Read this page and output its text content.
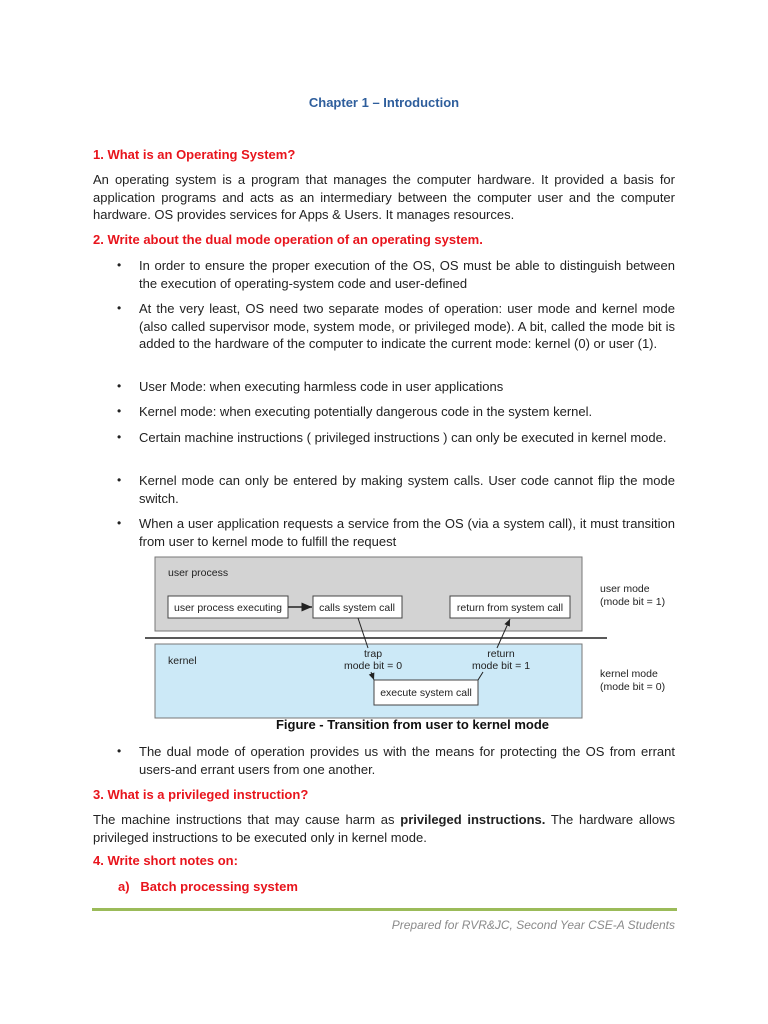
Chapter 1 – Introduction
1. What is an Operating System?
An operating system is a program that manages the computer hardware. It provided a basis for application programs and acts as an intermediary between the computer user and the computer hardware. OS provides services for Apps & Users. It manages resources.
2. Write about the dual mode operation of an operating system.
• In order to ensure the proper execution of the OS, OS must be able to distinguish between the execution of operating-system code and user-defined
• At the very least, OS need two separate modes of operation: user mode and kernel mode (also called supervisor mode, system mode, or privileged mode). A bit, called the mode bit is added to the hardware of the computer to indicate the current mode: kernel (0) or user (1).
• User Mode: when executing harmless code in user applications
• Kernel mode: when executing potentially dangerous code in the system kernel.
• Certain machine instructions ( privileged instructions ) can only be executed in kernel mode.
• Kernel mode can only be entered by making system calls. User code cannot flip the mode switch.
• When a user application requests a service from the OS (via a system call), it must transition from user to kernel mode to fulfill the request
user process
user process executing	calls system call	return from system call
user mode
(mode bit = 1)
kernel
trap
mode bit = 0
return
mode bit = 1
execute system call
kernel mode
(mode bit = 0)
Figure - Transition from user to kernel mode
• The dual mode of operation provides us with the means for protecting the OS from errant users-and errant users from one another.
3. What is a privileged instruction?
The machine instructions that may cause harm as privileged instructions. The hardware allows privileged instructions to be executed only in kernel mode.
4. Write short notes on:
a)   Batch processing system
Prepared for RVR&JC, Second Year CSE-A Students
